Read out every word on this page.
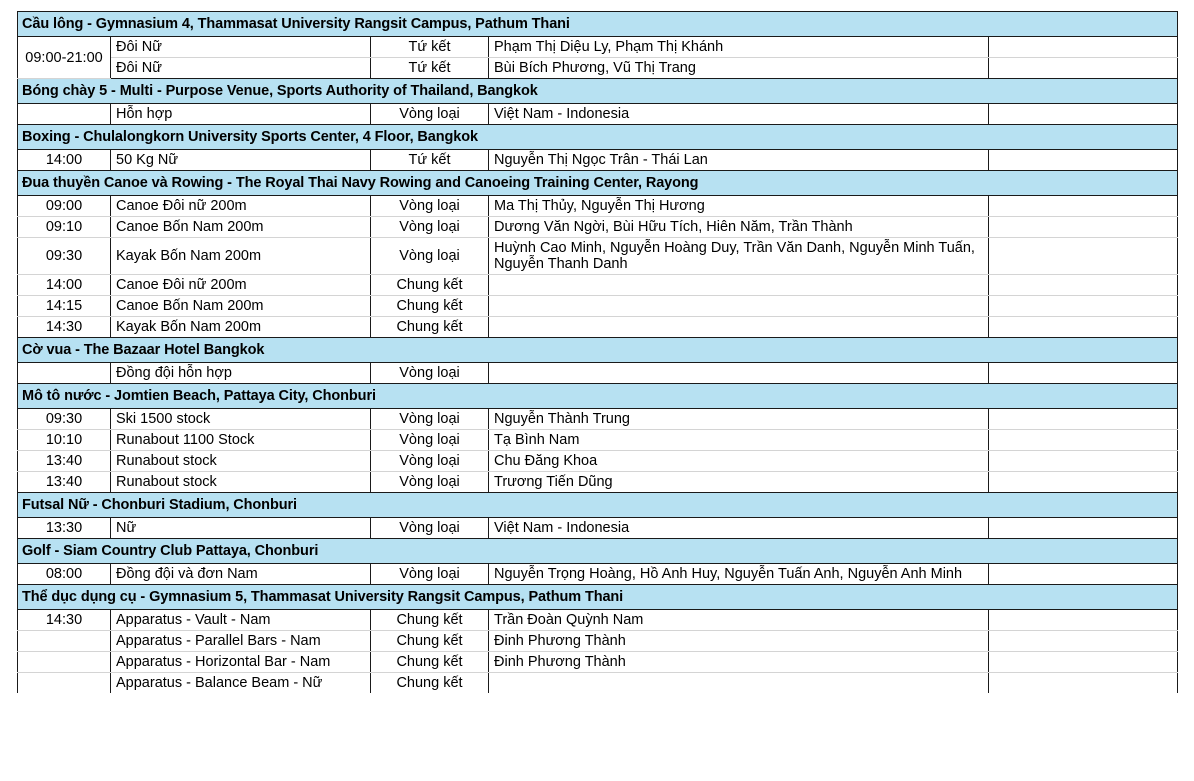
Cầu lông - Gymnasium 4, Thammasat University Rangsit Campus, Pathum Thani				
09:00-21:00	Đôi Nữ	Tứ kết	Phạm Thị Diệu Ly, Phạm Thị Khánh	
	Đôi Nữ	Tứ kết	Bùi Bích Phương, Vũ Thị Trang	
Bóng chày 5 - Multi - Purpose Venue, Sports Authority of Thailand, Bangkok				
	Hỗn hợp	Vòng loại	Việt Nam - Indonesia	
Boxing - Chulalongkorn University Sports Center, 4 Floor, Bangkok				
14:00	50 Kg Nữ	Tứ kết	Nguyễn Thị Ngọc Trân - Thái Lan	
Đua thuyền Canoe và Rowing - The Royal Thai Navy Rowing and Canoeing Training Center, Rayong				
09:00	Canoe Đôi nữ 200m	Vòng loại	Ma Thị Thủy, Nguyễn Thị Hương	
09:10	Canoe Bốn Nam 200m	Vòng loại	Dương Văn Ngời, Bùi Hữu Tích, Hiên Năm, Trần Thành	
09:30	Kayak Bốn Nam 200m	Vòng loại	Huỳnh Cao Minh, Nguyễn Hoàng Duy, Trần Văn Danh, Nguyễn Minh Tuấn, Nguyễn Thanh Danh	
14:00	Canoe Đôi nữ 200m	Chung kết		
14:15	Canoe Bốn Nam 200m	Chung kết		
14:30	Kayak Bốn Nam 200m	Chung kết		
Cờ vua - The Bazaar Hotel Bangkok				
	Đồng đội hỗn hợp	Vòng loại		
Mô tô nước - Jomtien Beach, Pattaya City, Chonburi				
09:30	Ski 1500 stock	Vòng loại	Nguyễn Thành Trung	
10:10	Runabout 1100 Stock	Vòng loại	Tạ Bình Nam	
13:40	Runabout stock	Vòng loại	Chu Đăng Khoa	
13:40	Runabout stock	Vòng loại	Trương Tiến Dũng	
Futsal Nữ - Chonburi Stadium, Chonburi				
13:30	Nữ	Vòng loại	Việt Nam - Indonesia	
Golf - Siam Country Club Pattaya, Chonburi				
08:00	Đồng đội và đơn Nam	Vòng loại	Nguyễn Trọng Hoàng, Hồ Anh Huy, Nguyễn Tuấn Anh, Nguyễn Anh Minh	
Thể dục dụng cụ - Gymnasium 5, Thammasat University Rangsit Campus, Pathum Thani				
14:30	Apparatus - Vault - Nam	Chung kết	Trần Đoàn Quỳnh Nam	
	Apparatus - Parallel Bars - Nam	Chung kết	Đinh Phương Thành	
	Apparatus - Horizontal Bar - Nam	Chung kết	Đinh Phương Thành	
	Apparatus - Balance Beam - Nữ	Chung kết		
